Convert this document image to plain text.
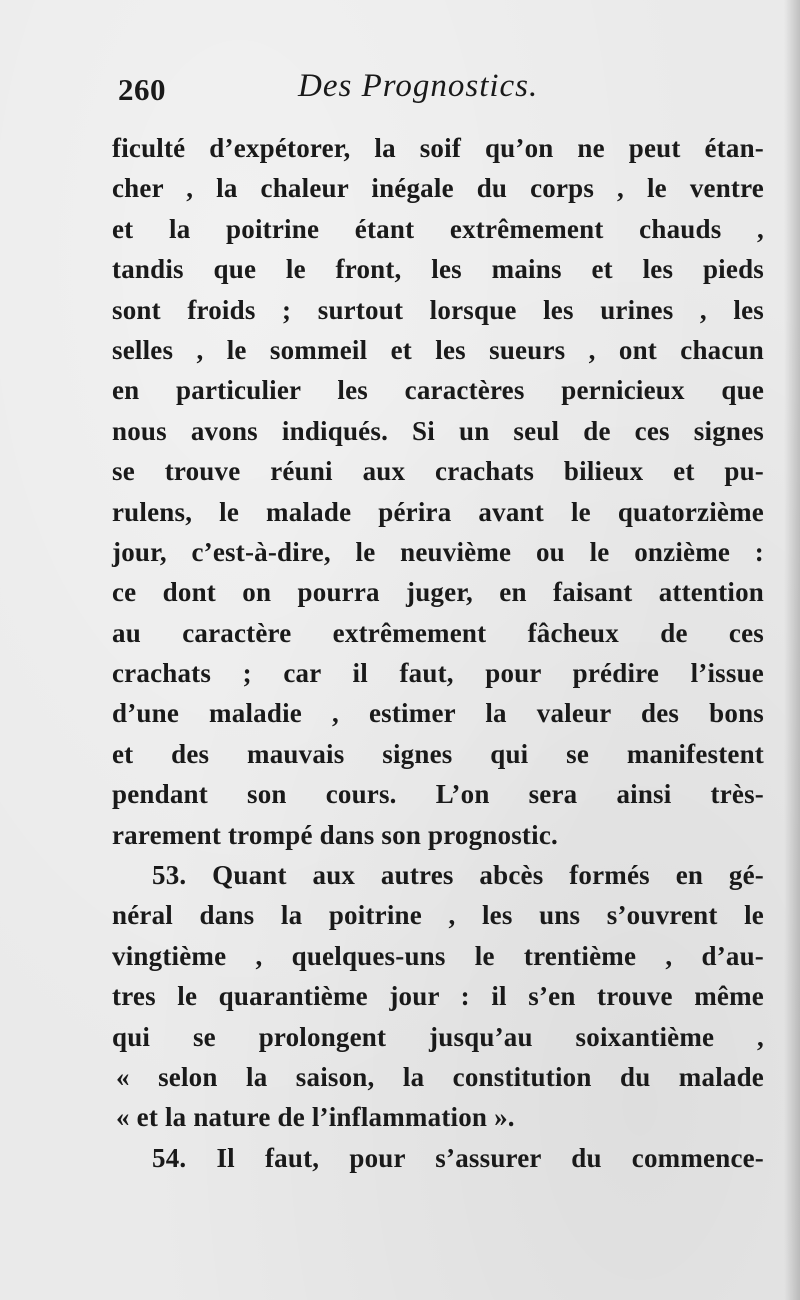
260	Des Prognostics.
ficulté d’expétorer, la soif qu’on ne peut étan-
cher , la chaleur inégale du corps , le ventre
et la poitrine étant extrêmement chauds ,
tandis que le front, les mains et les pieds
sont froids ; surtout lorsque les urines , les
selles , le sommeil et les sueurs , ont chacun
en particulier les caractères pernicieux que
nous avons indiqués. Si un seul de ces signes
se trouve réuni aux crachats bilieux et pu-
rulens, le malade périra avant le quatorzième
jour, c’est-à-dire, le neuvième ou le onzième :
ce dont on pourra juger, en faisant attention
au caractère extrêmement fâcheux de ces
crachats ; car il faut, pour prédire l’issue
d’une maladie , estimer la valeur des bons
et des mauvais signes qui se manifestent
pendant son cours. L’on sera ainsi très-
rarement trompé dans son prognostic.
53. Quant aux autres abcès formés en gé-
néral dans la poitrine , les uns s’ouvrent le
vingtième , quelques-uns le trentième , d’au-
tres le quarantième jour : il s’en trouve même
qui se prolongent jusqu’au soixantième ,
« selon la saison, la constitution du malade
« et la nature de l’inflammation ».
54. Il faut, pour s’assurer du commence-
